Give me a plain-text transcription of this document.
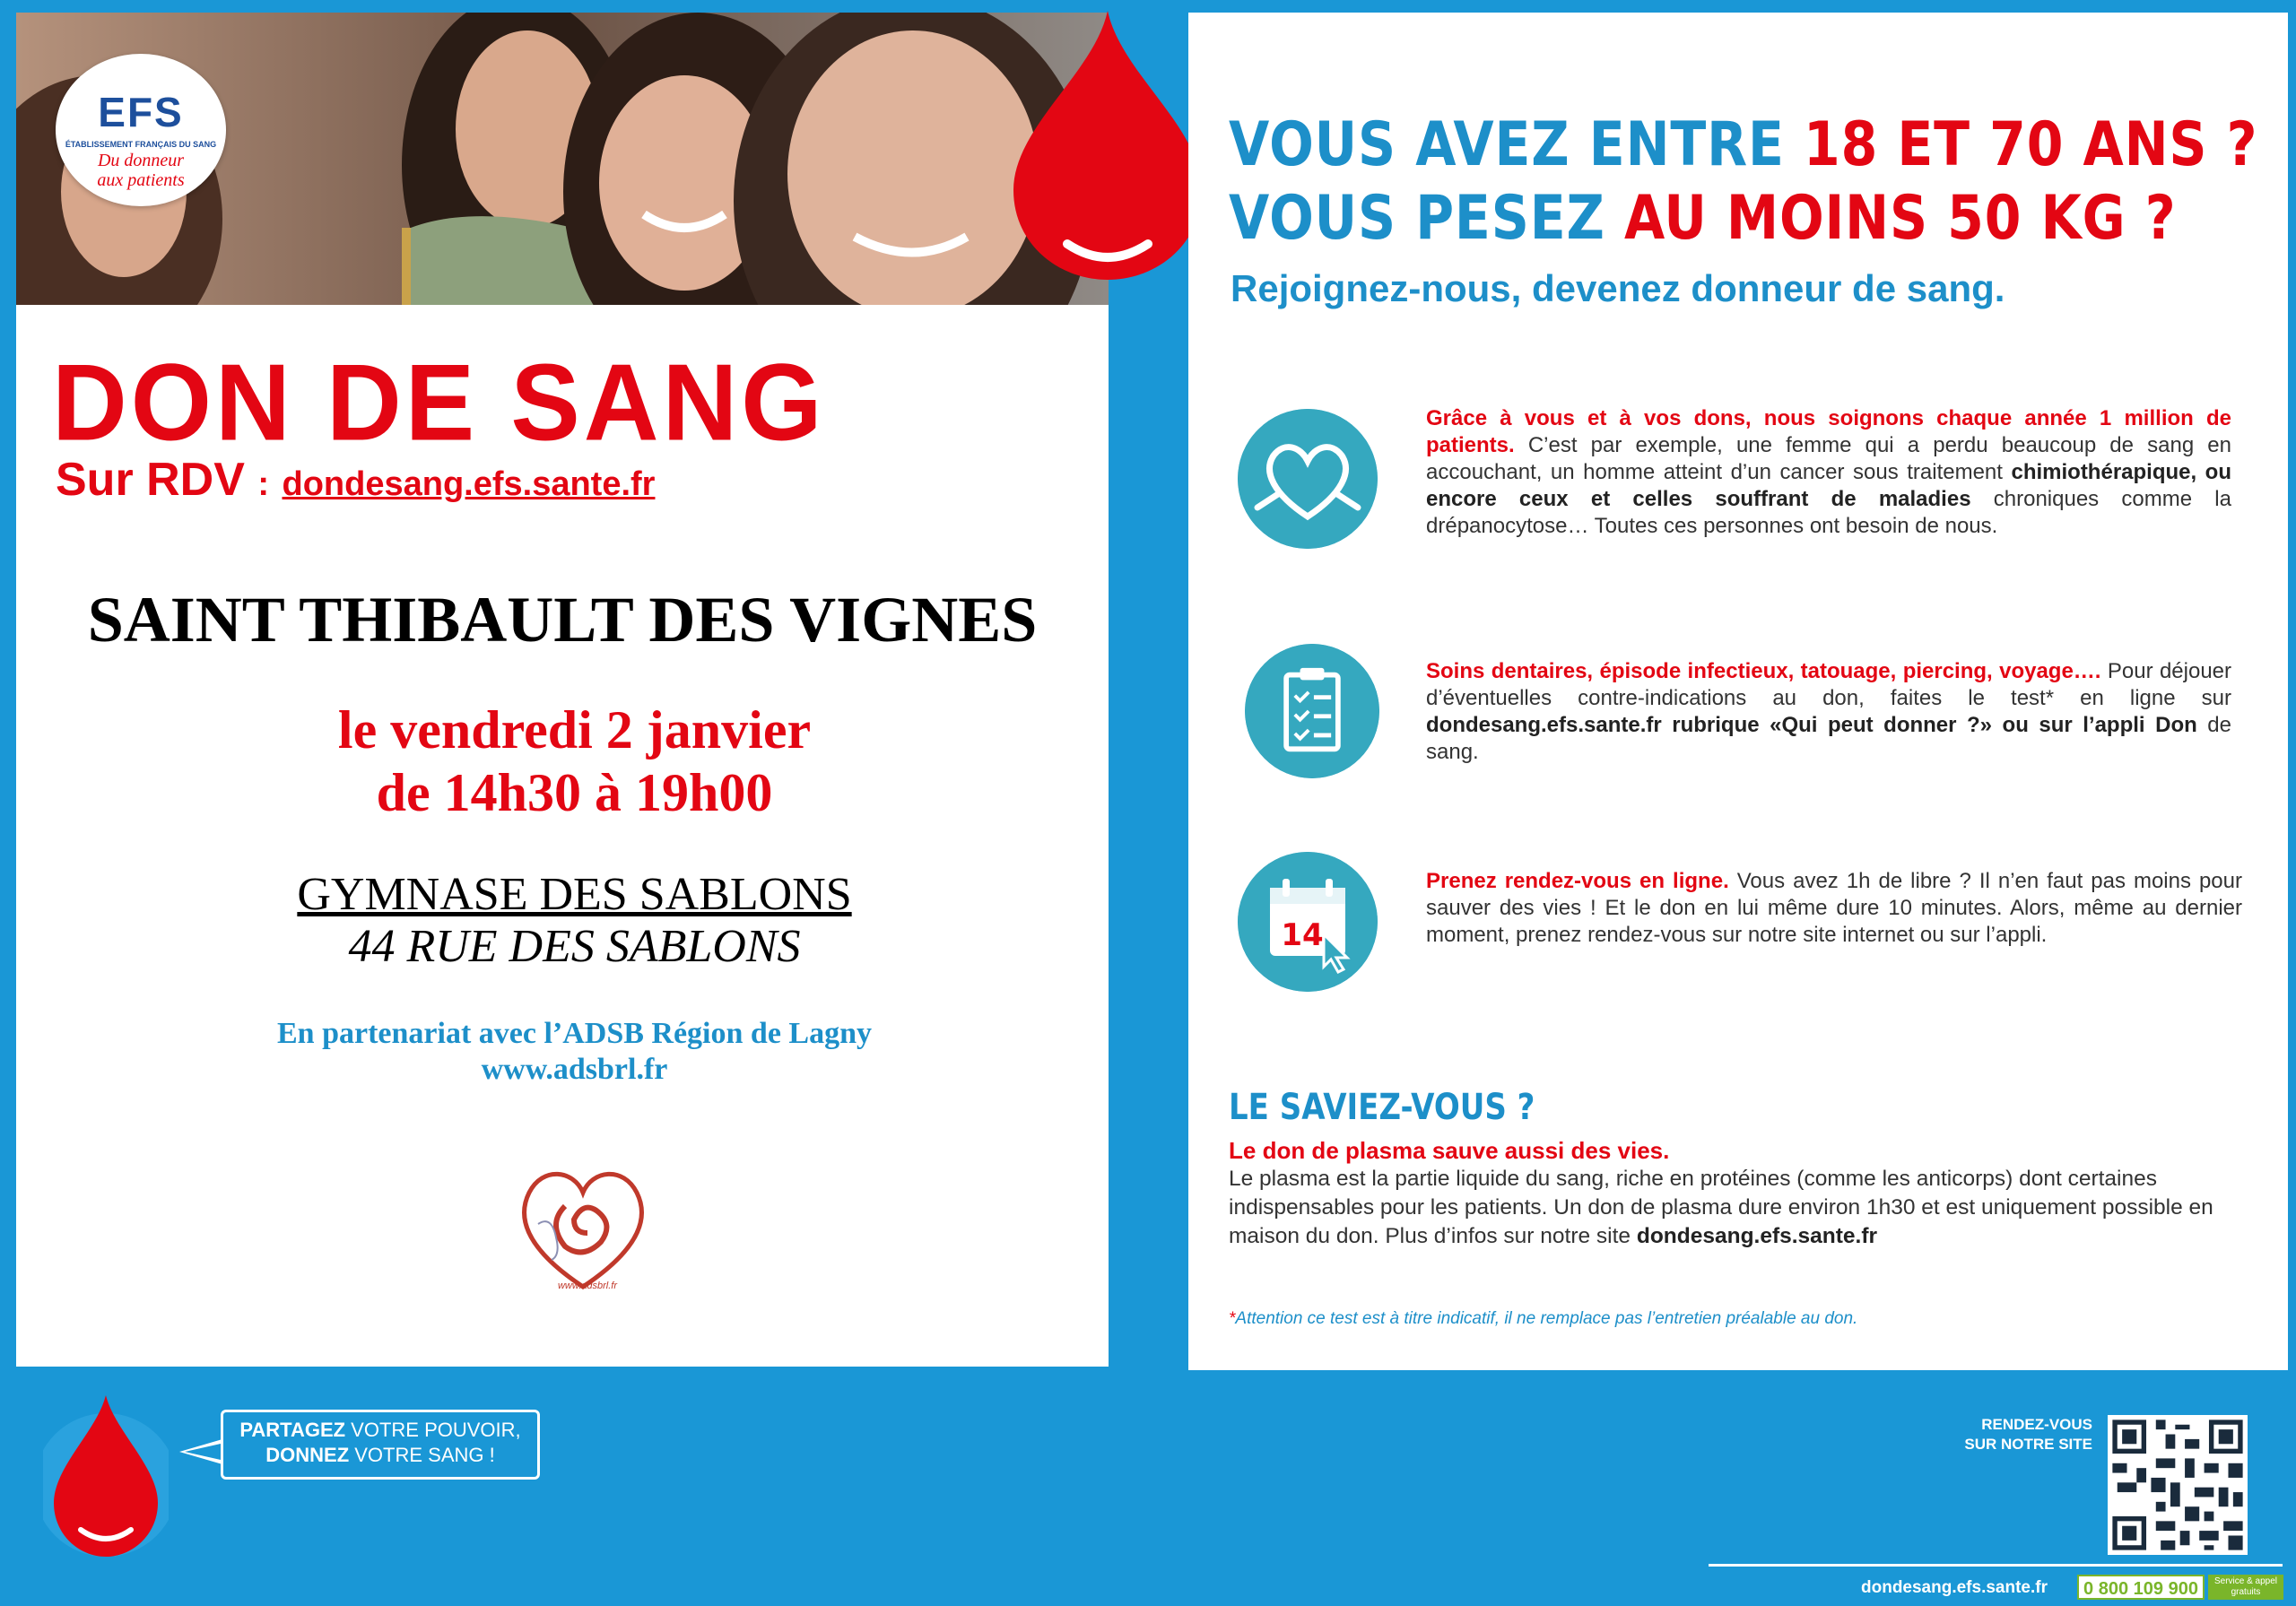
EFS
ÉTABLISSEMENT FRANÇAIS DU SANG
Du donneur
aux patients
DON DE SANG
Sur RDV : dondesang.efs.sante.fr
SAINT THIBAULT DES VIGNES
le vendredi 2 janvier
de 14h30 à 19h00
GYMNASE DES SABLONS
44 RUE DES SABLONS
En partenariat avec l’ADSB Région de Lagny
www.adsbrl.fr
www.adsbrl.fr
VOUS AVEZ ENTRE 18 ET 70 ANS ?
VOUS PESEZ AU MOINS 50 KG ?
Rejoignez-nous, devenez donneur de sang.
Grâce à vous et à vos dons, nous soignons chaque année 1 million de patients. C’est par exemple, une femme qui a perdu beaucoup de sang en accouchant, un homme atteint d’un cancer sous traitement chimiothérapique, ou encore ceux et celles souffrant de maladies chroniques comme la drépanocytose… Toutes ces personnes ont besoin de nous.
Soins dentaires, épisode infectieux, tatouage, piercing, voyage…. Pour déjouer d’éventuelles contre-indications au don, faites le test* en ligne sur dondesang.efs.sante.fr rubrique «Qui peut donner ?» ou sur l’appli Don de sang.
14
Prenez rendez-vous en ligne. Vous avez 1h de libre ? Il n’en faut pas moins pour sauver des vies ! Et le don en lui même dure 10 minutes. Alors, même au dernier moment, prenez rendez-vous sur notre site internet ou sur l’appli.
LE SAVIEZ-VOUS ?
Le don de plasma sauve aussi des vies.
Le plasma est la partie liquide du sang, riche en protéines (comme les anticorps) dont certaines indispensables pour les patients. Un don de plasma dure environ 1h30 et est uniquement possible en maison du don. Plus d’infos sur notre site dondesang.efs.sante.fr
*Attention ce test est à titre indicatif, il ne remplace pas l’entretien préalable au don.
PARTAGEZ VOTRE POUVOIR,
DONNEZ VOTRE SANG !
RENDEZ-VOUS
SUR NOTRE SITE
dondesang.efs.sante.fr	0 800 109 900	Service & appel gratuits
